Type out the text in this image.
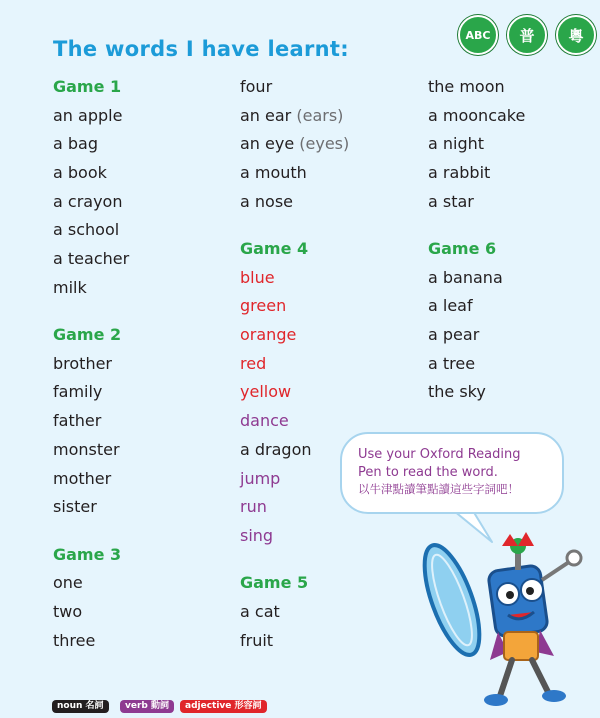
The words I have learnt:
ABC	普	粵
Game 1
an apple
a bag
a book
a crayon
a school
a teacher
milk
Game 2
brother
family
father
monster
mother
sister
Game 3
one
two
three
four
an ear (ears)
an eye (eyes)
a mouth
a nose
Game 4
blue
green
orange
red
yellow
dance
a dragon
jump
run
sing
Game 5
a cat
fruit
the moon
a mooncake
a night
a rabbit
a star
Game 6
a banana
a leaf
a pear
a tree
the sky
Use your Oxford Reading
Pen to read the word.
以牛津點讀筆點讀這些字詞吧！
noun 名詞	verb 動詞	adjective 形容詞
